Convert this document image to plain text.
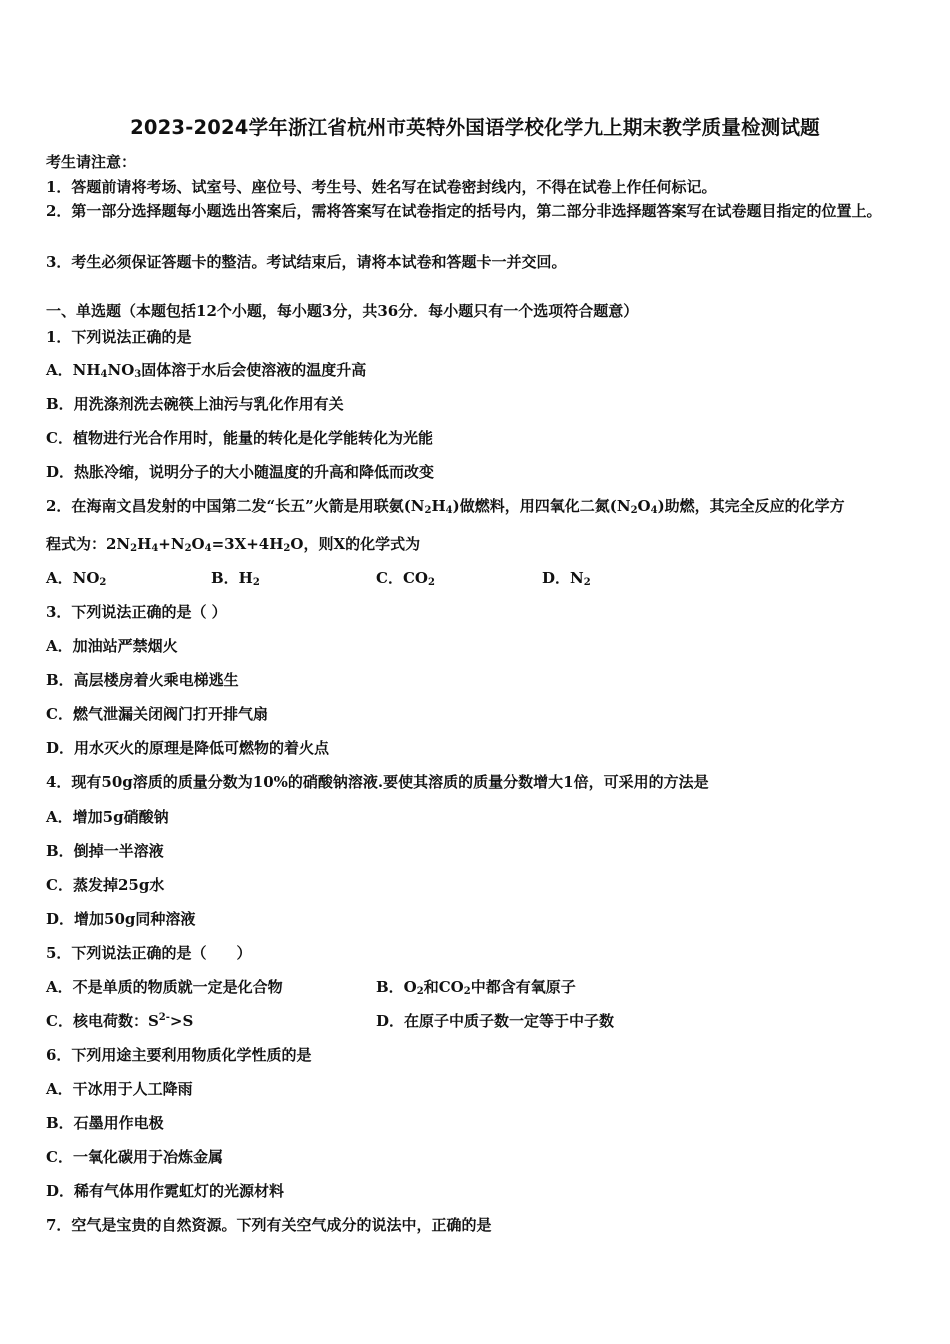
2023-2024学年浙江省杭州市英特外国语学校化学九上期末教学质量检测试题
考生请注意：
1．答题前请将考场、试室号、座位号、考生号、姓名写在试卷密封线内，不得在试卷上作任何标记。
2．第一部分选择题每小题选出答案后，需将答案写在试卷指定的括号内，第二部分非选择题答案写在试卷题目指定的位置上。
3．考生必须保证答题卡的整洁。考试结束后，请将本试卷和答题卡一并交回。
一、单选题（本题包括12个小题，每小题3分，共36分．每小题只有一个选项符合题意）
1．下列说法正确的是
A．$NH_4NO_3$固体溶于水后会使溶液的温度升高
B．用洗涤剂洗去碗筷上油污与乳化作用有关
C．植物进行光合作用时，能量的转化是化学能转化为光能
D．热胀冷缩，说明分子的大小随温度的升高和降低而改变
2．在海南文昌发射的中国第二发“长五”火箭是用联氨$(N_2H_4)$做燃料，用四氧化二氮$(N_2O_4)$助燃，其完全反应的化学方
程式为：$2N_2H_4+N_2O_4=3X+4H_2O$，则X的化学式为
A．$NO_2$	B．$H_2$	C．$CO_2$	D．$N_2$
3．下列说法正确的是（ ）
A．加油站严禁烟火
B．高层楼房着火乘电梯逃生
C．燃气泄漏关闭阀门打开排气扇
D．用水灭火的原理是降低可燃物的着火点
4．现有50g溶质的质量分数为10%的硝酸钠溶液.要使其溶质的质量分数增大1倍，可采用的方法是
A．增加5g硝酸钠
B．倒掉一半溶液
C．蒸发掉25g水
D．增加50g同种溶液
5．下列说法正确的是（　　）
A．不是单质的物质就一定是化合物	B．$O_2$和$CO_2$中都含有氧原子
C．核电荷数：$S^{2-}>S$	D．在原子中质子数一定等于中子数
6．下列用途主要利用物质化学性质的是
A．干冰用于人工降雨
B．石墨用作电极
C．一氧化碳用于冶炼金属
D．稀有气体用作霓虹灯的光源材料
7．空气是宝贵的自然资源。下列有关空气成分的说法中，正确的是
